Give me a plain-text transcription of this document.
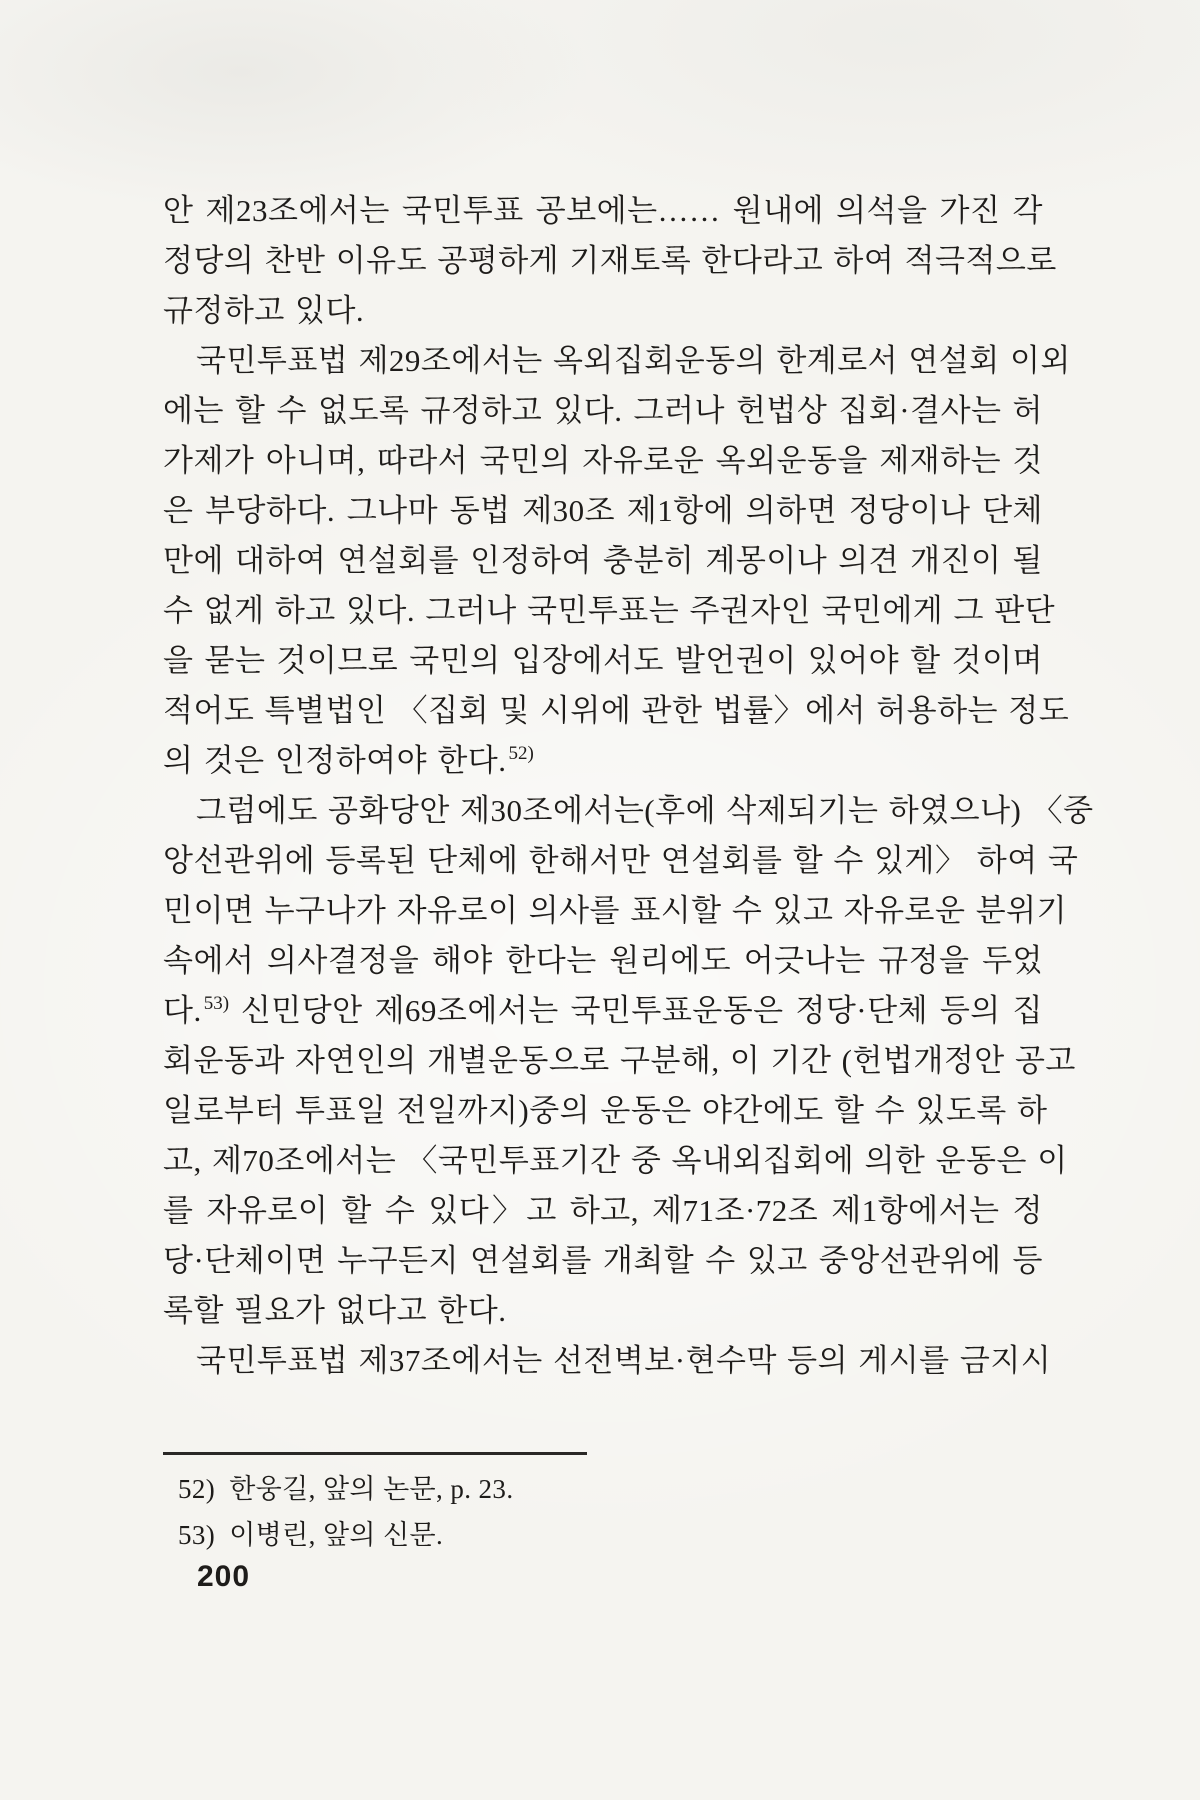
안 제23조에서는 국민투표 공보에는…… 원내에 의석을 가진 각
정당의 찬반 이유도 공평하게 기재토록 한다라고 하여 적극적으로
규정하고 있다.
국민투표법 제29조에서는 옥외집회운동의 한계로서 연설회 이외
에는 할 수 없도록 규정하고 있다. 그러나 헌법상 집회·결사는 허
가제가 아니며, 따라서 국민의 자유로운 옥외운동을 제재하는 것
은 부당하다. 그나마 동법 제30조 제1항에 의하면 정당이나 단체
만에 대하여 연설회를 인정하여 충분히 계몽이나 의견 개진이 될
수 없게 하고 있다. 그러나 국민투표는 주권자인 국민에게 그 판단
을 묻는 것이므로 국민의 입장에서도 발언권이 있어야 할 것이며
적어도 특별법인 〈집회 및 시위에 관한 법률〉에서 허용하는 정도
의 것은 인정하여야 한다. $^{52)}$
그럼에도 공화당안 제30조에서는(후에 삭제되기는 하였으나) 〈중
앙선관위에 등록된 단체에 한해서만 연설회를 할 수 있게〉 하여 국
민이면 누구나가 자유로이 의사를 표시할 수 있고 자유로운 분위기
속에서 의사결정을 해야 한다는 원리에도 어긋나는 규정을 두었
다. $^{53)}$ 신민당안 제69조에서는 국민투표운동은 정당·단체 등의 집
회운동과 자연인의 개별운동으로 구분해, 이 기간 (헌법개정안 공고
일로부터 투표일 전일까지)중의 운동은 야간에도 할 수 있도록 하
고, 제70조에서는 〈국민투표기간 중 옥내외집회에 의한 운동은 이
를 자유로이 할 수 있다〉고 하고, 제71조·72조 제1항에서는 정
당·단체이면 누구든지 연설회를 개최할 수 있고 중앙선관위에 등
록할 필요가 없다고 한다.
국민투표법 제37조에서는 선전벽보·현수막 등의 게시를 금지시
52) 한웅길, 앞의 논문, p. 23.
53) 이병린, 앞의 신문.
200
